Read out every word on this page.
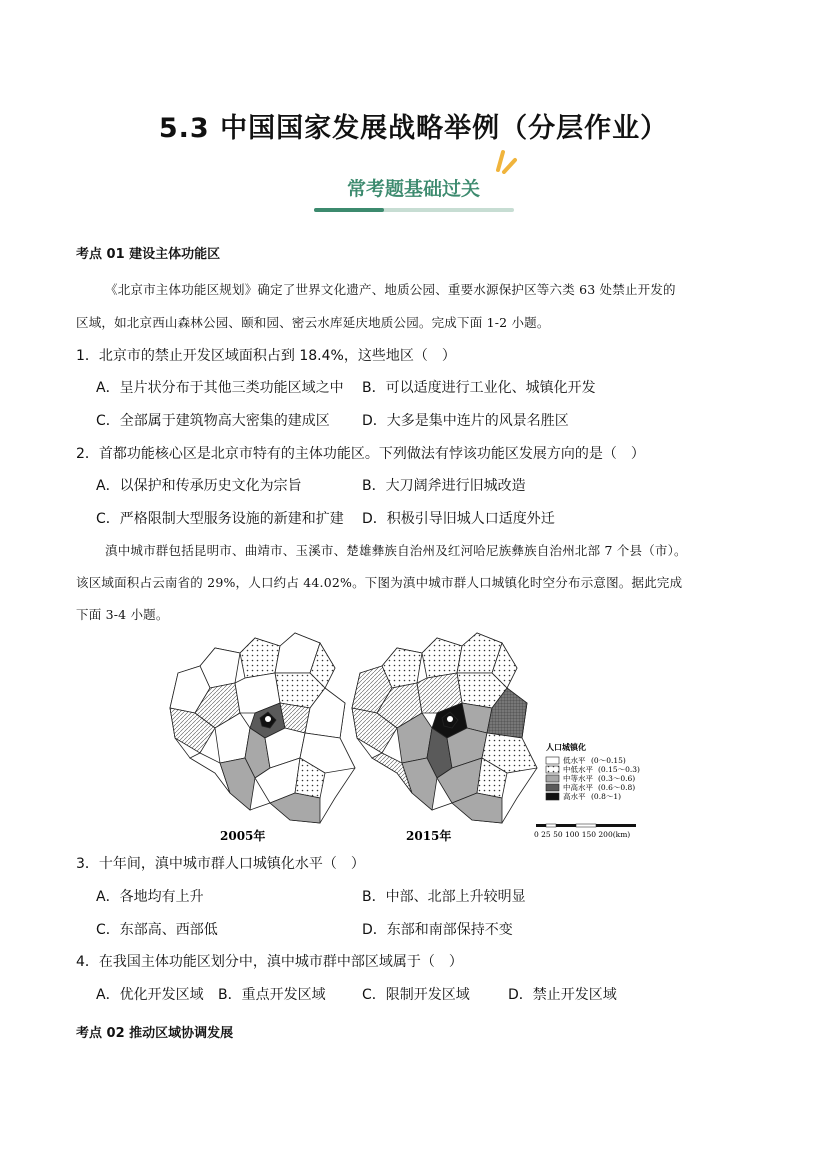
5.3 中国国家发展战略举例（分层作业）
常考题基础过关
考点 01 建设主体功能区
《北京市主体功能区规划》确定了世界文化遗产、地质公园、重要水源保护区等六类 63 处禁止开发的
区域，如北京西山森林公园、颐和园、密云水库延庆地质公园。完成下面 1-2 小题。
1．北京市的禁止开发区域面积占到 18.4%，这些地区（　）
A．呈片状分布于其他三类功能区域之中 B．可以适度进行工业化、城镇化开发
C．全部属于建筑物高大密集的建成区 D．大多是集中连片的风景名胜区
2．首都功能核心区是北京市特有的主体功能区。下列做法有悖该功能区发展方向的是（　）
A．以保护和传承历史文化为宗旨	B．大刀阔斧进行旧城改造
C．严格限制大型服务设施的新建和扩建 D．积极引导旧城人口适度外迁
滇中城市群包括昆明市、曲靖市、玉溪市、楚雄彝族自治州及红河哈尼族彝族自治州北部 7 个县（市）。
该区域面积占云南省的 29%，人口约占 44.02%。下图为滇中城市群人口城镇化时空分布示意图。据此完成
下面 3-4 小题。
人口城镇化
低水平 (0～0.15)
中低水平 (0.15～0.3)
中等水平 (0.3～0.6)
中高水平 (0.6～0.8)
高水平 (0.8～1)
0 25 50 100 150 200(km)
2005年	2015年
3．十年间，滇中城市群人口城镇化水平（　）
A．各地均有上升	B．中部、北部上升较明显
C．东部高、西部低	D．东部和南部保持不变
4．在我国主体功能区划分中，滇中城市群中部区域属于（　）
A．优化开发区域 B．重点开发区域	C．限制开发区域	D．禁止开发区域
考点 02 推动区域协调发展
